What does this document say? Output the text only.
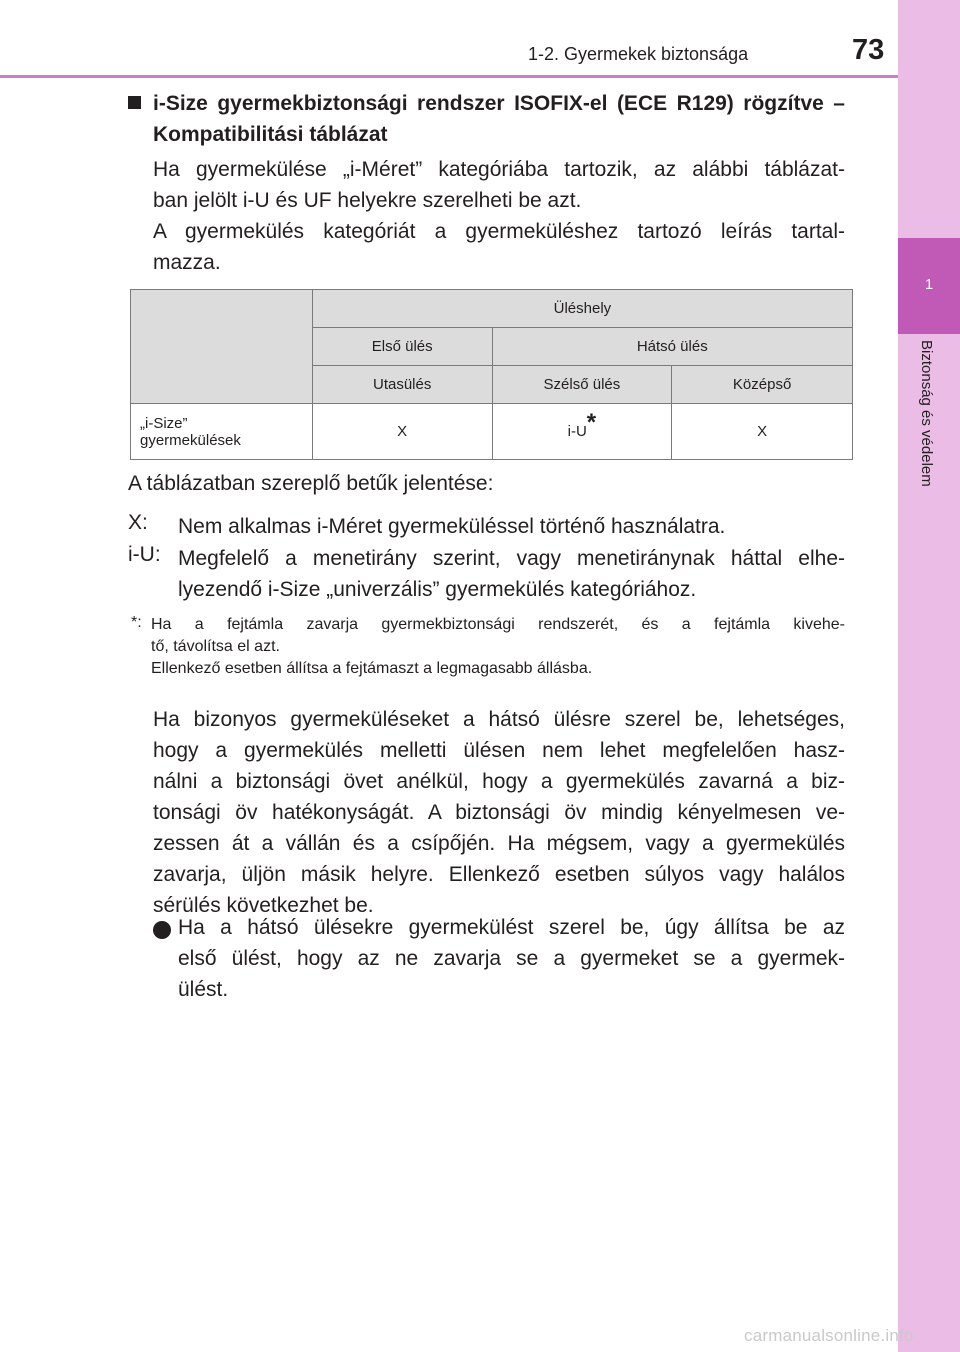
1-2. Gyermekek biztonsága	73
1
Biztonság és védelem

i-Size gyermekbiztonsági rendszer ISOFIX-el (ECE R129) rögzítve – Kompatibilitási táblázat

Ha gyermekülése „i-Méret” kategóriába tartozik, az alábbi táblázat-
ban jelölt i-U és UF helyekre szerelheti be azt.
A gyermekülés kategóriát a gyermeküléshez tartozó leírás tartal-
mazza.

	Üléshely		
	Első ülés	Hátsó ülés	
	Utasülés	Szélső ülés	Középső
„i-Size”
gyermekülések	X	i-U*	X

A táblázatban szereplő betűk jelentése:

X: Nem alkalmas i-Méret gyermeküléssel történő használatra.
i-U: Megfelelő a menetirány szerint, vagy menetiránynak háttal elhe-lyezendő i-Size „univerzális” gyermekülés kategóriához.
*: Ha a fejtámla zavarja gyermekbiztonsági rendszerét, és a fejtámla kivehe-
tő, távolítsa el azt.
Ellenkező esetben állítsa a fejtámaszt a legmagasabb állásba.

Ha bizonyos gyermeküléseket a hátsó ülésre szerel be, lehetséges,
hogy a gyermekülés melletti ülésen nem lehet megfelelően hasz-
nálni a biztonsági övet anélkül, hogy a gyermekülés zavarná a biz-
tonsági öv hatékonyságát. A biztonsági öv mindig kényelmesen ve-
zessen át a vállán és a csípőjén. Ha mégsem, vagy a gyermekülés
zavarja, üljön másik helyre. Ellenkező esetben súlyos vagy halálos
sérülés következhet be.

Ha a hátsó ülésekre gyermekülést szerel be, úgy állítsa be az
első ülést, hogy az ne zavarja se a gyermeket se a gyermek-
ülést.

carmanualsonline.info
